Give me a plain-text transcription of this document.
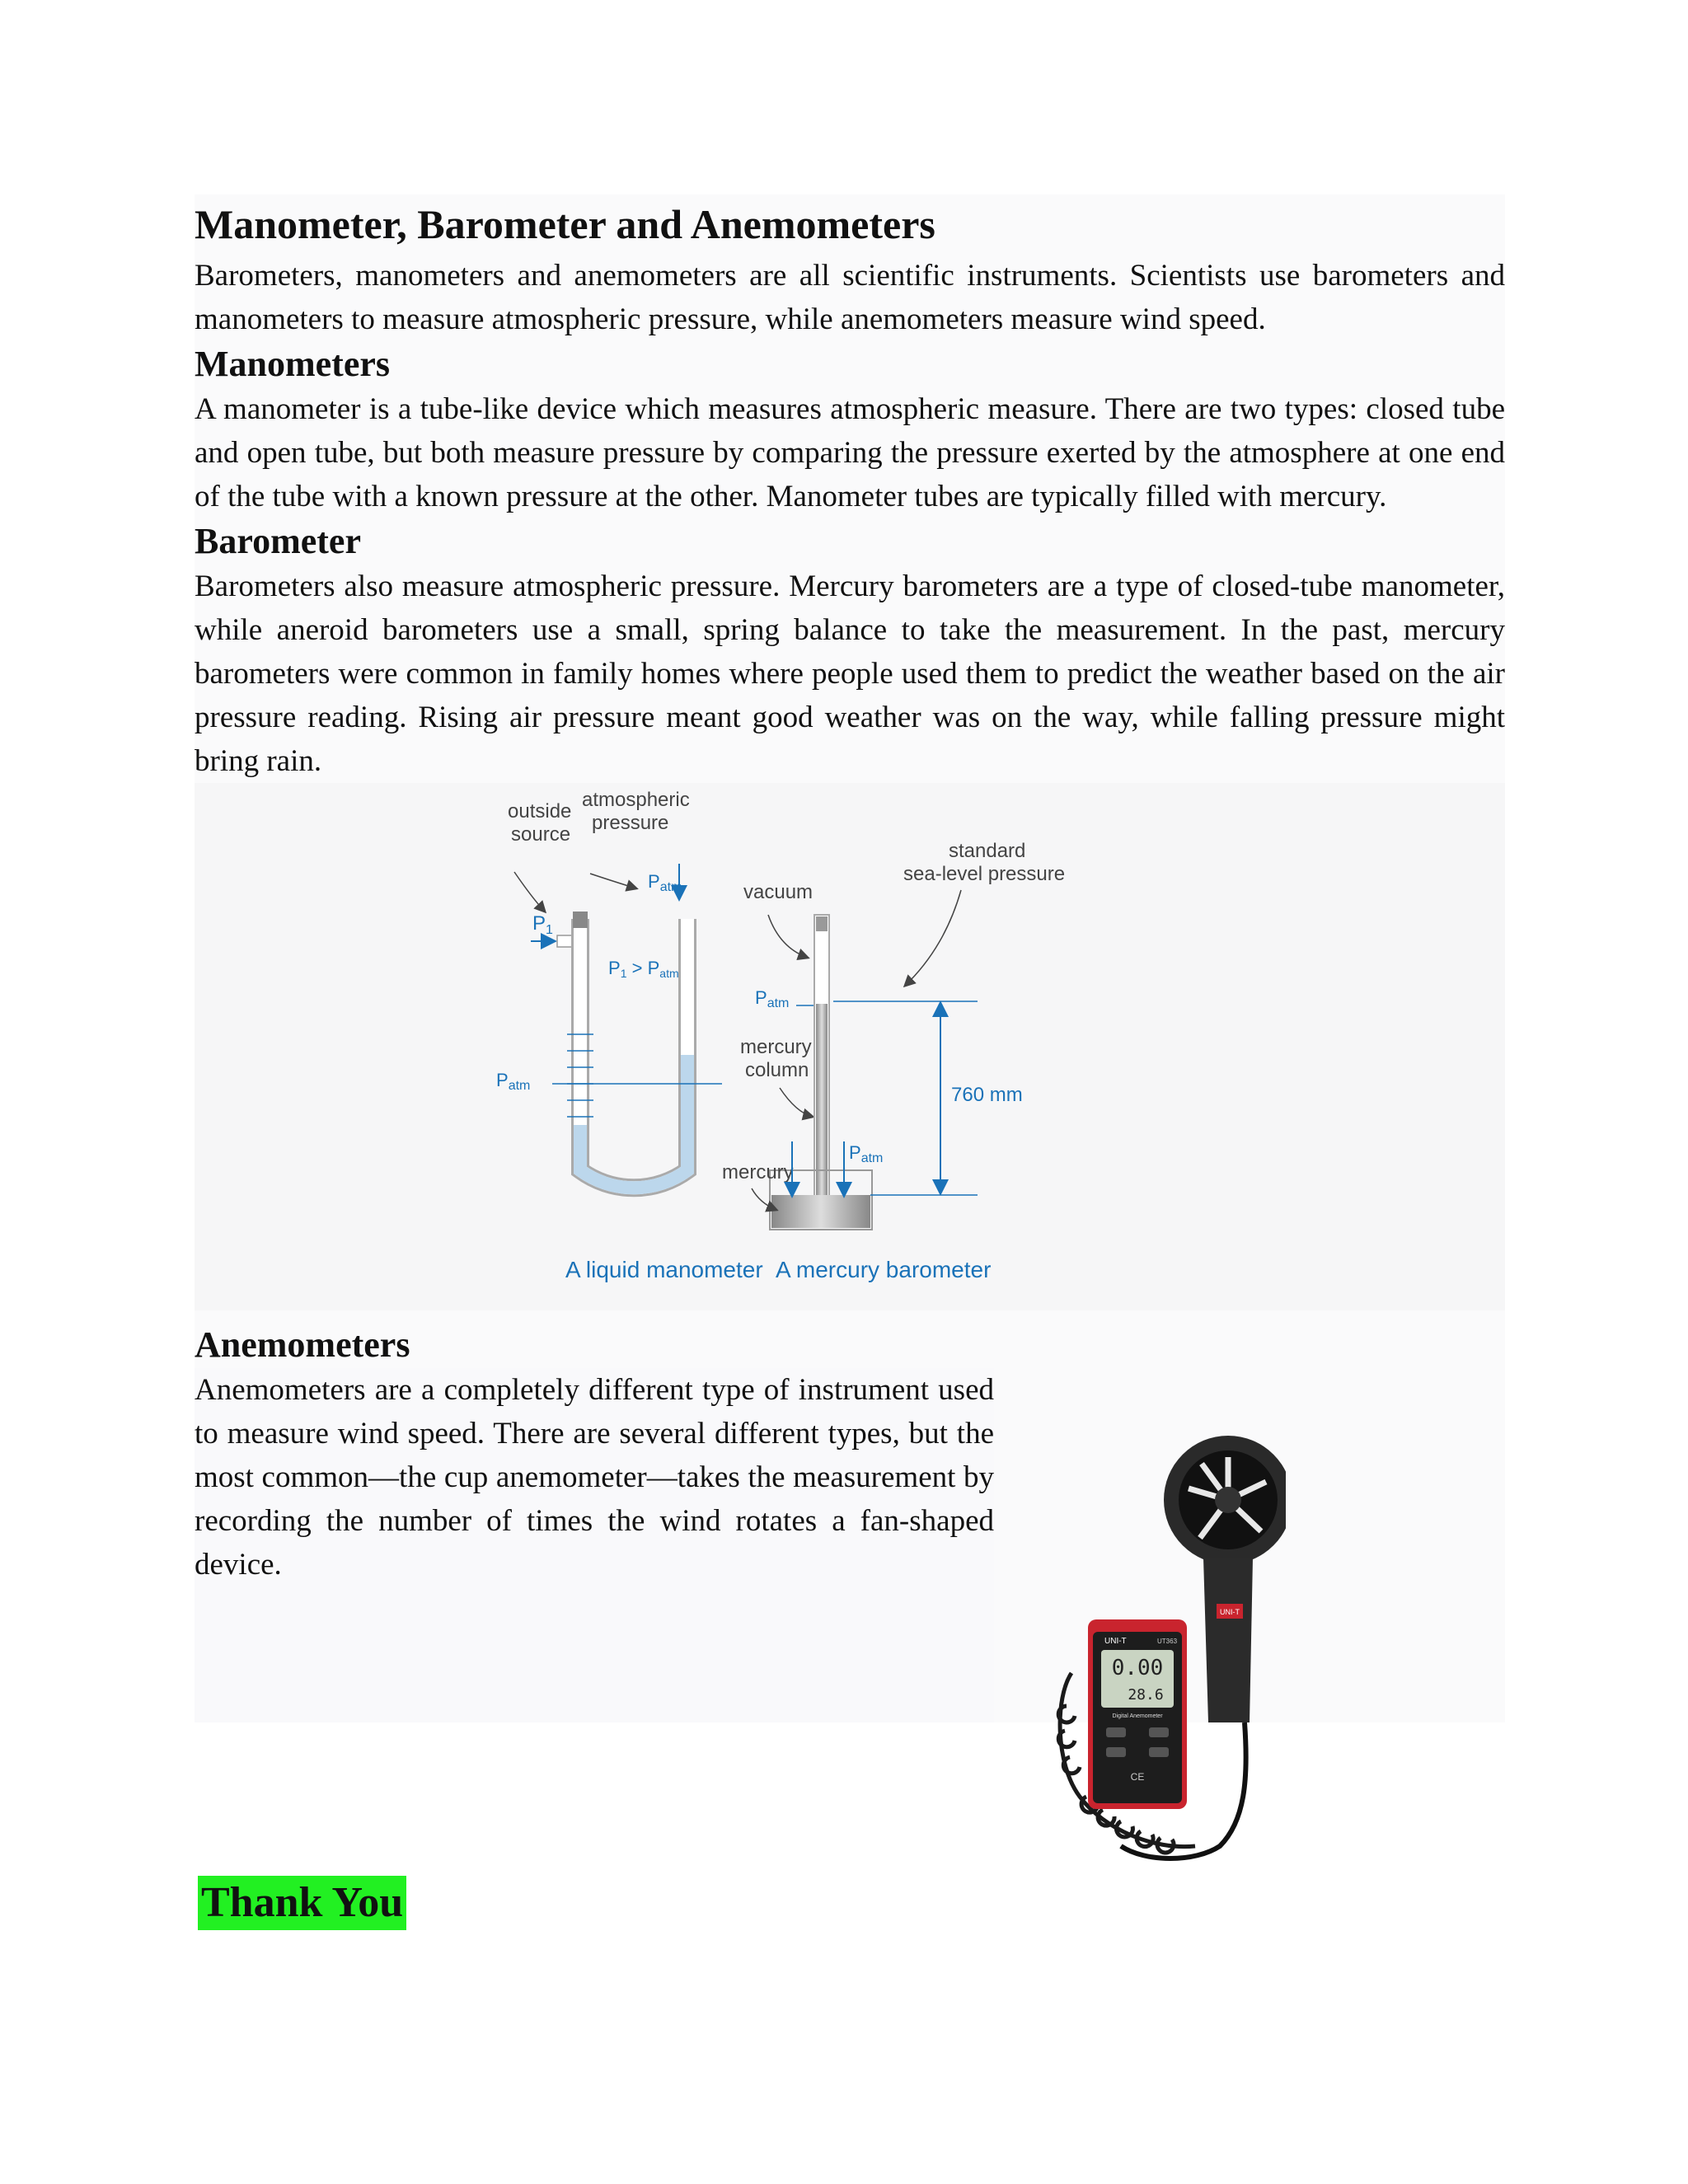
Manometer, Barometer and Anemometers

Barometers, manometers and anemometers are all scientific instruments. Scientists use barometers and manometers to measure atmospheric pressure, while anemometers measure wind speed.

Manometers

A manometer is a tube-like device which measures atmospheric measure. There are two types: closed tube and open tube, but both measure pressure by comparing the pressure exerted by the atmosphere at one end of the tube with a known pressure at the other. Manometer tubes are typically filled with mercury.

Barometer

Barometers also measure atmospheric pressure. Mercury barometers are a type of closed-tube manometer, while aneroid barometers use a small, spring balance to take the measurement. In the past, mercury barometers were common in family homes where people used them to predict the weather based on the air pressure reading. Rising air pressure meant good weather was on the way, while falling pressure might bring rain.

outside
source
atmospheric
pressure
$P_1$
Patm
P1 > Patm
Patm
A liquid manometer
standard
sea-level pressure
vacuum
Patm
mercury
column
mercury
Patm
760 mm
A mercury barometer
Anemometers

Anemometers are a completely different type of instrument used to measure wind speed. There are several different types, but the most common—the cup anemometer—takes the measurement by recording the number of times the wind rotates a fan-shaped device.

UNI-T
UNI-T	UT363
0.00
28.6
Digital Anemometer
CE
Thank You
